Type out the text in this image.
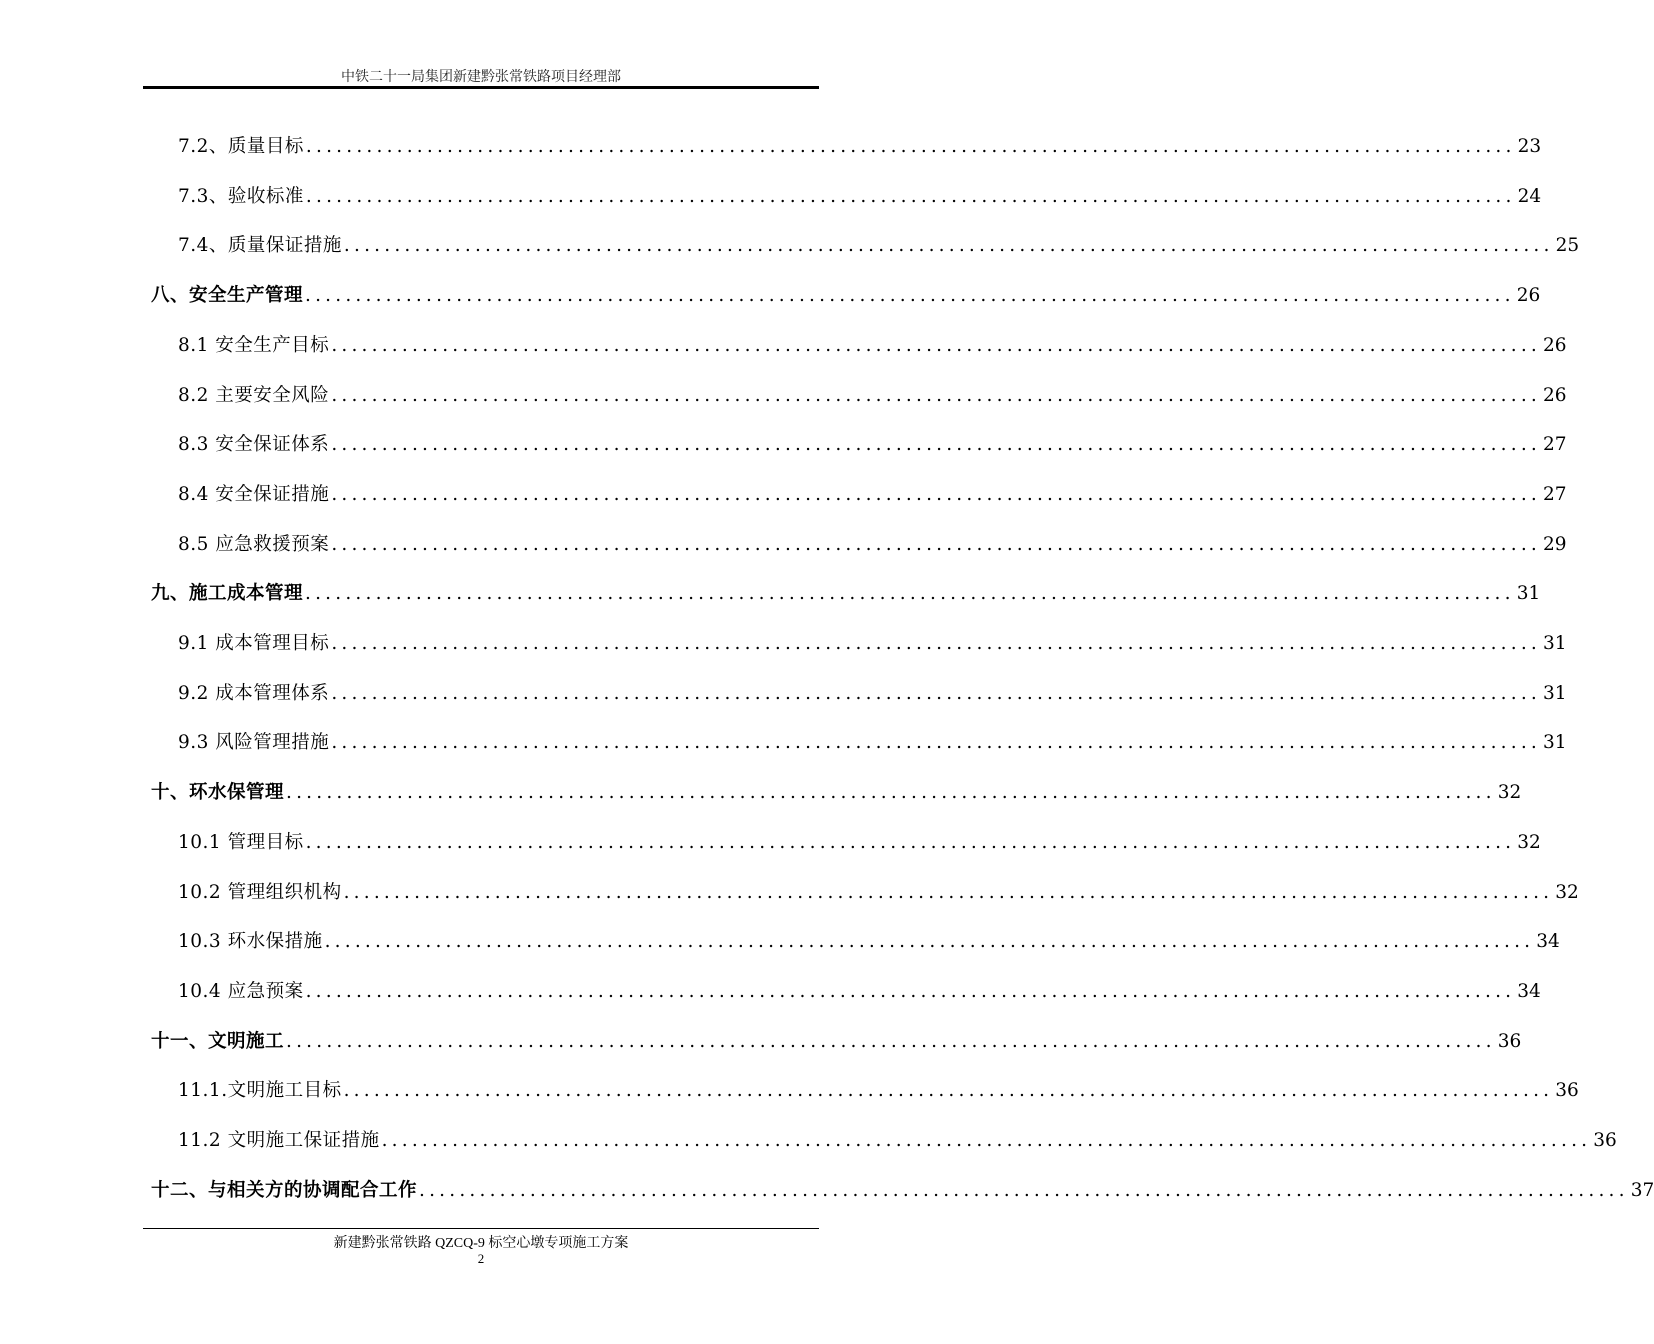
中铁二十一局集团新建黔张常铁路项目经理部
7.2、质量目标 ........................................................................................................................ 23
7.3、验收标准 ........................................................................................................................ 24
7.4、质量保证措施 ........................................................................................................................ 25
八、安全生产管理 ........................................................................................................................ 26
8.1 安全生产目标 ........................................................................................................................ 26
8.2 主要安全风险 ........................................................................................................................ 26
8.3 安全保证体系 ........................................................................................................................ 27
8.4 安全保证措施 ........................................................................................................................ 27
8.5 应急救援预案 ........................................................................................................................ 29
九、施工成本管理 ........................................................................................................................ 31
9.1 成本管理目标 ........................................................................................................................ 31
9.2 成本管理体系 ........................................................................................................................ 31
9.3 风险管理措施 ........................................................................................................................ 31
十、环水保管理 ........................................................................................................................ 32
10.1 管理目标 ........................................................................................................................ 32
10.2 管理组织机构 ........................................................................................................................ 32
10.3 环水保措施 ........................................................................................................................ 34
10.4 应急预案 ........................................................................................................................ 34
十一、文明施工 ........................................................................................................................ 36
11.1.文明施工目标 ........................................................................................................................ 36
11.2 文明施工保证措施 ........................................................................................................................ 36
十二、与相关方的协调配合工作 ........................................................................................................................ 37
新建黔张常铁路 QZCQ-9 标空心墩专项施工方案
2
